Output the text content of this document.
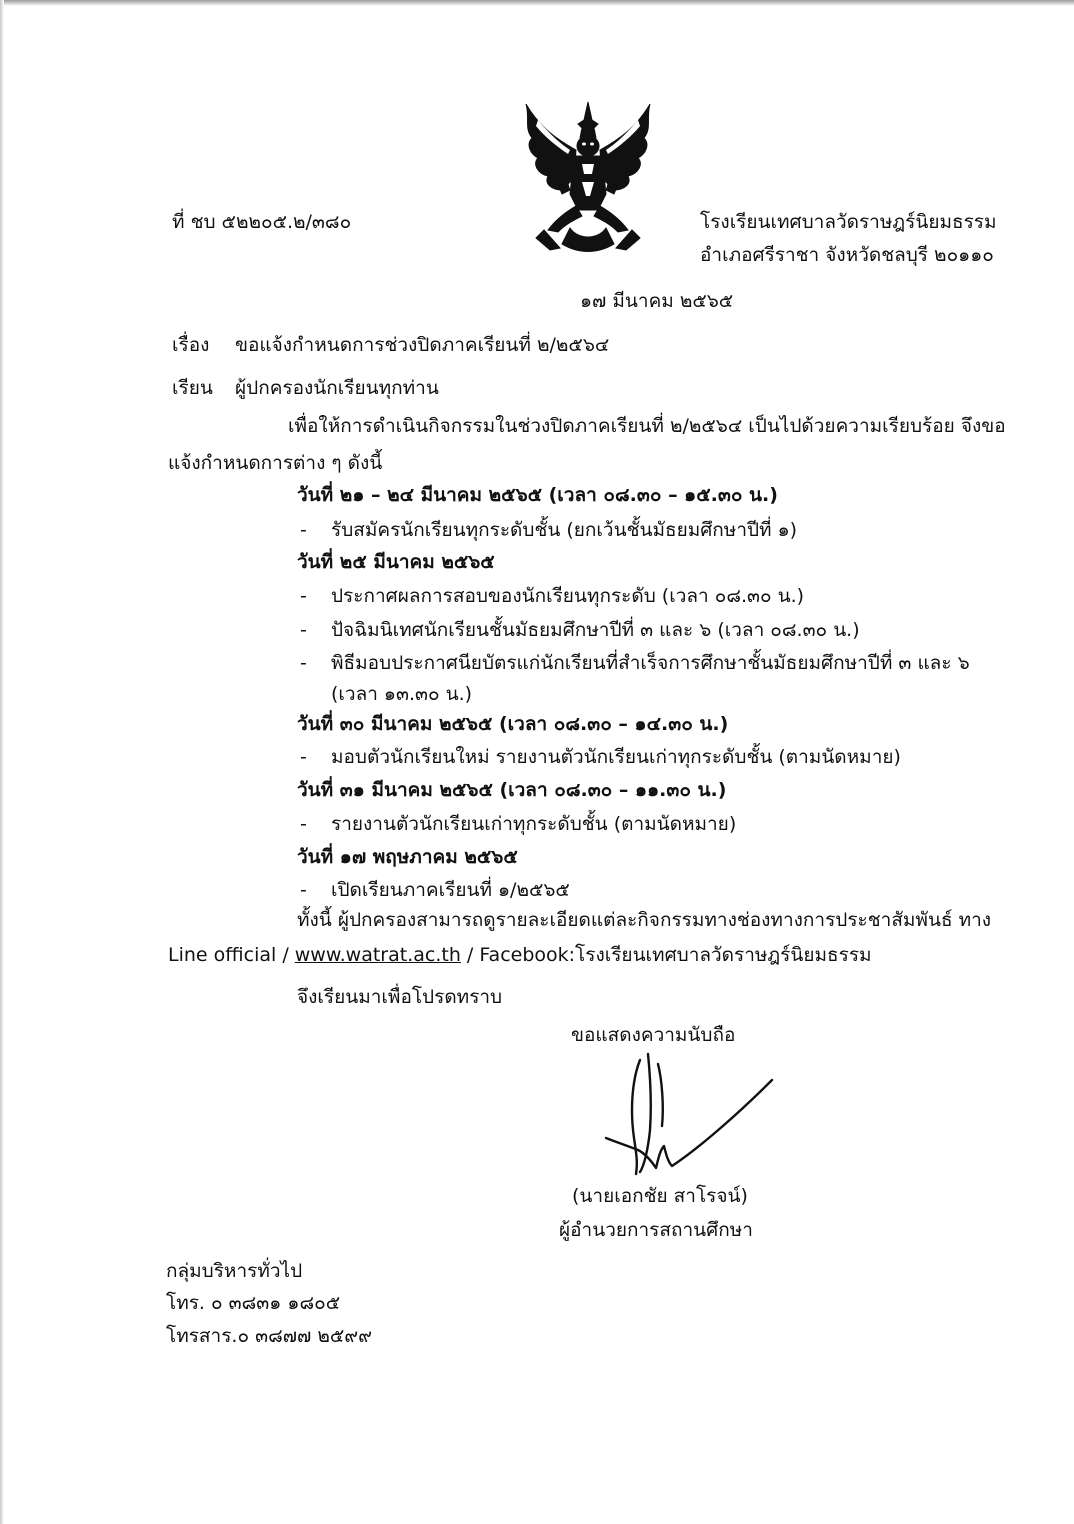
ที่ ชบ ๕๒๒๐๕.๒/๓๘๐	โรงเรียนเทศบาลวัดราษฎร์นิยมธรรม
อำเภอศรีราชา จังหวัดชลบุรี ๒๐๑๑๐
๑๗ มีนาคม ๒๕๖๕
เรื่อง ขอแจ้งกำหนดการช่วงปิดภาคเรียนที่ ๒/๒๕๖๔
เรียน ผู้ปกครองนักเรียนทุกท่าน
เพื่อให้การดำเนินกิจกรรมในช่วงปิดภาคเรียนที่ ๒/๒๕๖๔ เป็นไปด้วยความเรียบร้อย จึงขอ
แจ้งกำหนดการต่าง ๆ ดังนี้
วันที่ ๒๑ – ๒๔ มีนาคม ๒๕๖๕ (เวลา ๐๘.๓๐ – ๑๕.๓๐ น.)
- รับสมัครนักเรียนทุกระดับชั้น (ยกเว้นชั้นมัธยมศึกษาปีที่ ๑)
วันที่ ๒๕ มีนาคม ๒๕๖๕
- ประกาศผลการสอบของนักเรียนทุกระดับ (เวลา ๐๘.๓๐ น.)
- ปัจฉิมนิเทศนักเรียนชั้นมัธยมศึกษาปีที่ ๓ และ ๖ (เวลา ๐๘.๓๐ น.)
- พิธีมอบประกาศนียบัตรแก่นักเรียนที่สำเร็จการศึกษาชั้นมัธยมศึกษาปีที่ ๓ และ ๖
(เวลา ๑๓.๓๐ น.)
วันที่ ๓๐ มีนาคม ๒๕๖๕ (เวลา ๐๘.๓๐ – ๑๔.๓๐ น.)
- มอบตัวนักเรียนใหม่ รายงานตัวนักเรียนเก่าทุกระดับชั้น (ตามนัดหมาย)
วันที่ ๓๑ มีนาคม ๒๕๖๕ (เวลา ๐๘.๓๐ – ๑๑.๓๐ น.)
- รายงานตัวนักเรียนเก่าทุกระดับชั้น (ตามนัดหมาย)
วันที่ ๑๗ พฤษภาคม ๒๕๖๕
- เปิดเรียนภาคเรียนที่ ๑/๒๕๖๕
ทั้งนี้ ผู้ปกครองสามารถดูรายละเอียดแต่ละกิจกรรมทางช่องทางการประชาสัมพันธ์ ทาง
Line official / www.watrat.ac.th / Facebook:โรงเรียนเทศบาลวัดราษฎร์นิยมธรรม
จึงเรียนมาเพื่อโปรดทราบ
ขอแสดงความนับถือ
(นายเอกชัย สาโรจน์)
ผู้อำนวยการสถานศึกษา
กลุ่มบริหารทั่วไป
โทร. ๐ ๓๘๓๑ ๑๘๐๕
โทรสาร.๐ ๓๘๗๗ ๒๕๙๙
